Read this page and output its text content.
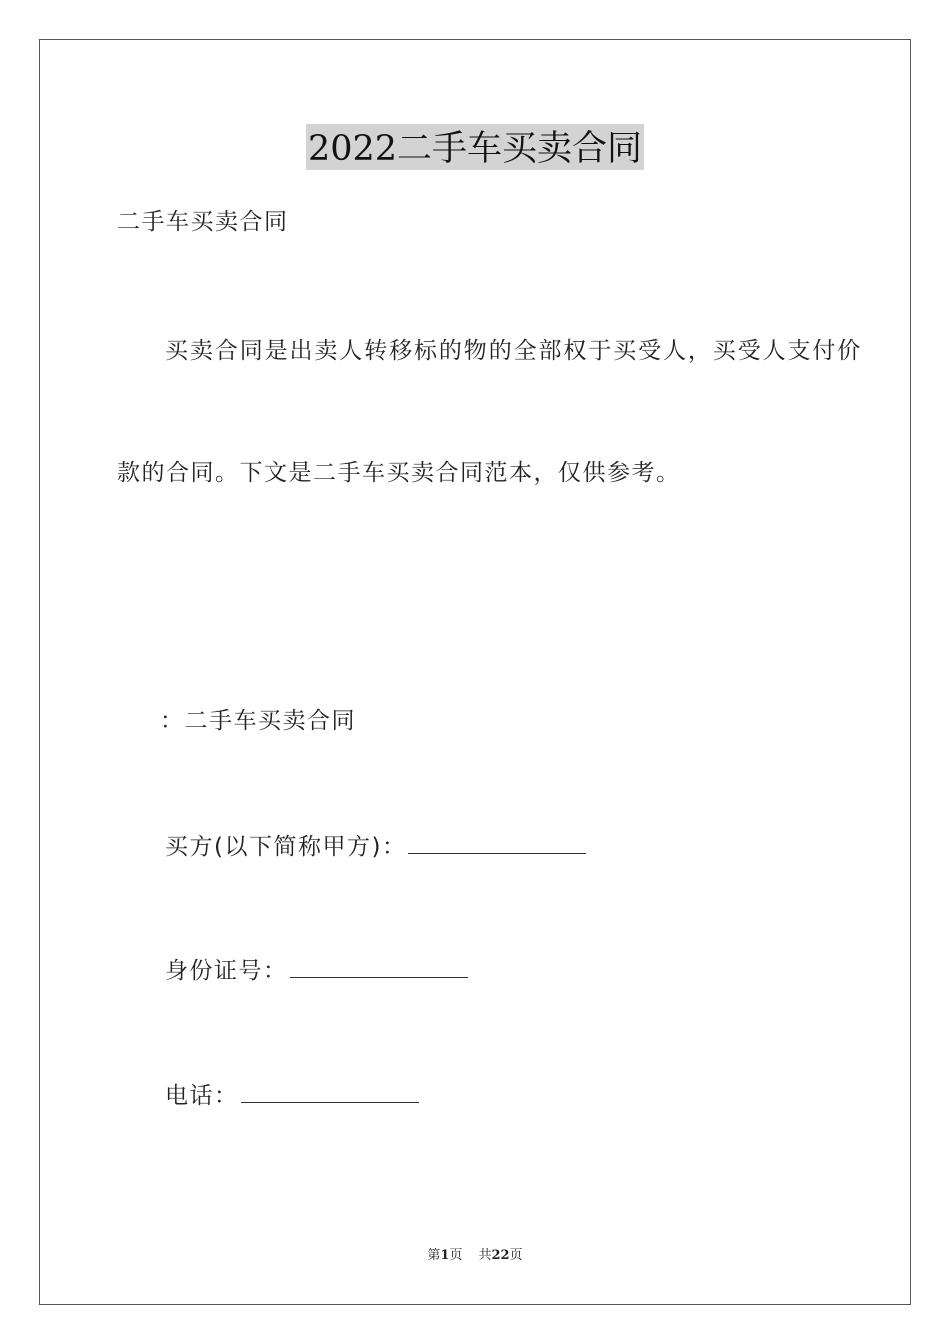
2022二手车买卖合同
二手车买卖合同
买卖合同是出卖人转移标的物的全部权于买受人，买受人支付价
款的合同。下文是二手车买卖合同范本，仅供参考。
：二手车买卖合同
买方(以下简称甲方)：
身份证号：
电话：
第1页 共22页
